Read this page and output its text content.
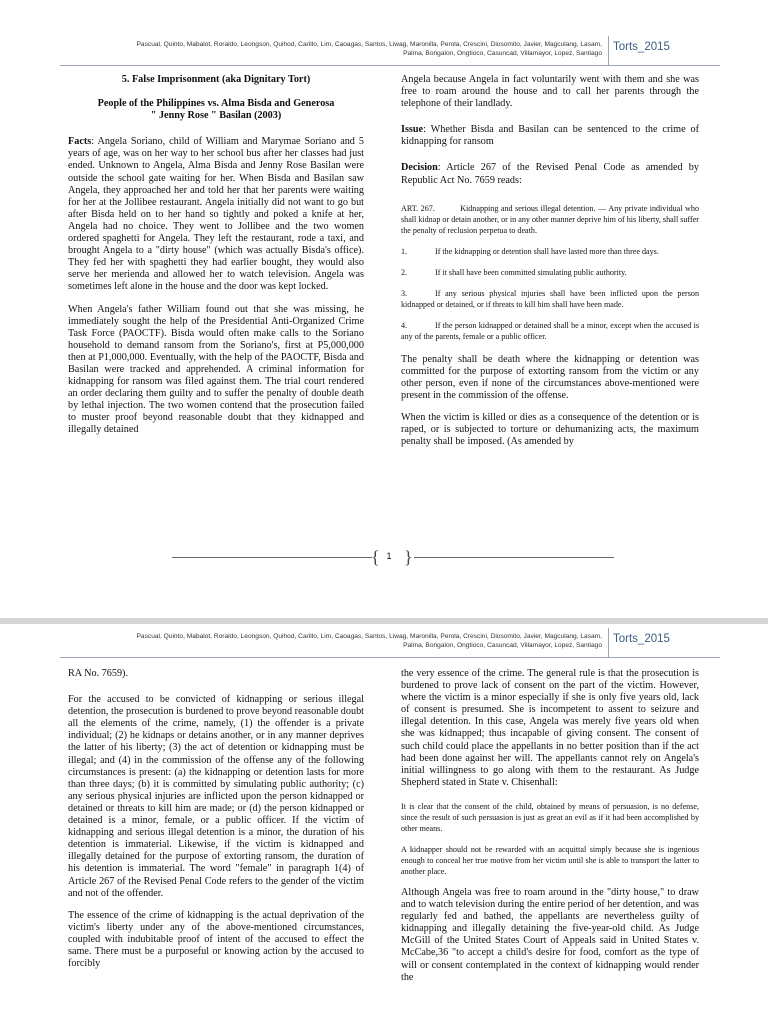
Pascual, Quinto, Mabalot, Roraldo, Leongson, Quihod, Carillo, Lim, Caoagas, Santos, Liwag, Maronilla, Perola, Crescini, Diosomito, Javier, Magculang, Lasam,
Palma, Bongalon, Ongtioco, Casuncad, Villamayor, Lopez, Santiago
Torts_2015

5. False Imprisonment (aka Dignitary Tort)

People of the Philippines vs. Alma Bisda and Generosa
" Jenny Rose " Basilan (2003)

Facts: Angela Soriano, child of William and Marymae Soriano and 5 years of age, was on her way to her school bus after her classes had just ended. Unknown to Angela, Alma Bisda and Jenny Rose Basilan were outside the school gate waiting for her. When Bisda and Basilan saw Angela, they approached her and told her that her parents were waiting for her at the Jollibee restaurant. Angela initially did not want to go but after Bisda held on to her hand so tightly and poked a knife at her, Angela had no choice. They went to Jollibee and the two women ordered spaghetti for Angela. They left the restaurant, rode a taxi, and brought Angela to a "dirty house" (which was actually Bisda's office). They fed her with spaghetti they had earlier bought, they would also serve her merienda and allowed her to watch television. Angela was sometimes left alone in the house and the door was kept locked.

When Angela's father William found out that she was missing, he immediately sought the help of the Presidential Anti-Organized Crime Task Force (PAOCTF). Bisda would often make calls to the Soriano household to demand ransom from the Soriano's, first at P5,000,000 then at P1,000,000. Eventually, with the help of the PAOCTF, Bisda and Basilan were tracked and apprehended. A criminal information for kidnapping for ransom was filed against them. The trial court rendered an order declaring them guilty and to suffer the penalty of double death by lethal injection. The two women contend that the prosecution failed to muster proof beyond reasonable doubt that they kidnapped and illegally detained

Angela because Angela in fact voluntarily went with them and she was free to roam around the house and to call her parents through the telephone of their landlady.

Issue: Whether Bisda and Basilan can be sentenced to the crime of kidnapping for ransom

Decision: Article 267 of the Revised Penal Code as amended by Republic Act No. 7659 reads:

ART. 267.          Kidnapping and serious illegal detention. — Any private individual who shall kidnap or detain another, or in any other manner deprive him of his liberty, shall suffer the penalty of reclusion perpetua to death.

1.	If the kidnapping or detention shall have lasted more than three days.

2.	If it shall have been committed simulating public authority.

3.	If any serious physical injuries shall have been inflicted upon the person kidnapped or detained, or if threats to kill him shall have been made.

4.	If the person kidnapped or detained shall be a minor, except when the accused is any of the parents, female or a public officer.

The penalty shall be death where the kidnapping or detention was committed for the purpose of extorting ransom from the victim or any other person, even if none of the circumstances above-mentioned were present in the commission of the offense.

When the victim is killed or dies as a consequence of the detention or is raped, or is subjected to torture or dehumanizing acts, the maximum penalty shall be imposed. (As amended by

{ 1 }
Pascual, Quinto, Mabalot, Roraldo, Leongson, Quihod, Carillo, Lim, Caoagas, Santos, Liwag, Maronilla, Perola, Crescini, Diosomito, Javier, Magculang, Lasam,
Palma, Bongalon, Ongtioco, Casuncad, Villamayor, Lopez, Santiago
Torts_2015

RA No. 7659).

For the accused to be convicted of kidnapping or serious illegal detention, the prosecution is burdened to prove beyond reasonable doubt all the elements of the crime, namely, (1) the offender is a private individual; (2) he kidnaps or detains another, or in any manner deprives the latter of his liberty; (3) the act of detention or kidnapping must be illegal; and (4) in the commission of the offense any of the following circumstances is present: (a) the kidnapping or detention lasts for more than three days; (b) it is committed by simulating public authority; (c) any serious physical injuries are inflicted upon the person kidnapped or detained or threats to kill him are made; or (d) the person kidnapped or detained is a minor, female, or a public officer. If the victim of kidnapping and serious illegal detention is a minor, the duration of his detention is immaterial. Likewise, if the victim is kidnapped and illegally detained for the purpose of extorting ransom, the duration of his detention is immaterial. The word "female" in paragraph 1(4) of Article 267 of the Revised Penal Code refers to the gender of the victim and not of the offender.

The essence of the crime of kidnapping is the actual deprivation of the victim's liberty under any of the above-mentioned circumstances, coupled with indubitable proof of intent of the accused to effect the same. There must be a purposeful or knowing action by the accused to forcibly

the very essence of the crime. The general rule is that the prosecution is burdened to prove lack of consent on the part of the victim. However, where the victim is a minor especially if she is only five years old, lack of consent is presumed. She is incompetent to assent to seizure and illegal detention. In this case, Angela was merely five years old when she was kidnapped; thus incapable of giving consent. The consent of such child could place the appellants in no better position than if the act had been done against her will. The appellants cannot rely on Angela's initial willingness to go along with them to the restaurant. As Judge Shepherd stated in State v. Chisenhall:

It is clear that the consent of the child, obtained by means of persuasion, is no defense, since the result of such persuasion is just as great an evil as if it had been accomplished by other means.

A kidnapper should not be rewarded with an acquittal simply because she is ingenious enough to conceal her true motive from her victim until she is able to transport the latter to another place.

Although Angela was free to roam around in the "dirty house," to draw and to watch television during the entire period of her detention, and was regularly fed and bathed, the appellants are nevertheless guilty of kidnapping and illegally detaining the five-year-old child. As Judge McGill of the United States Court of Appeals said in United States v. McCabe,36 "to accept a child's desire for food, comfort as the type of will or consent contemplated in the context of kidnapping would render the
